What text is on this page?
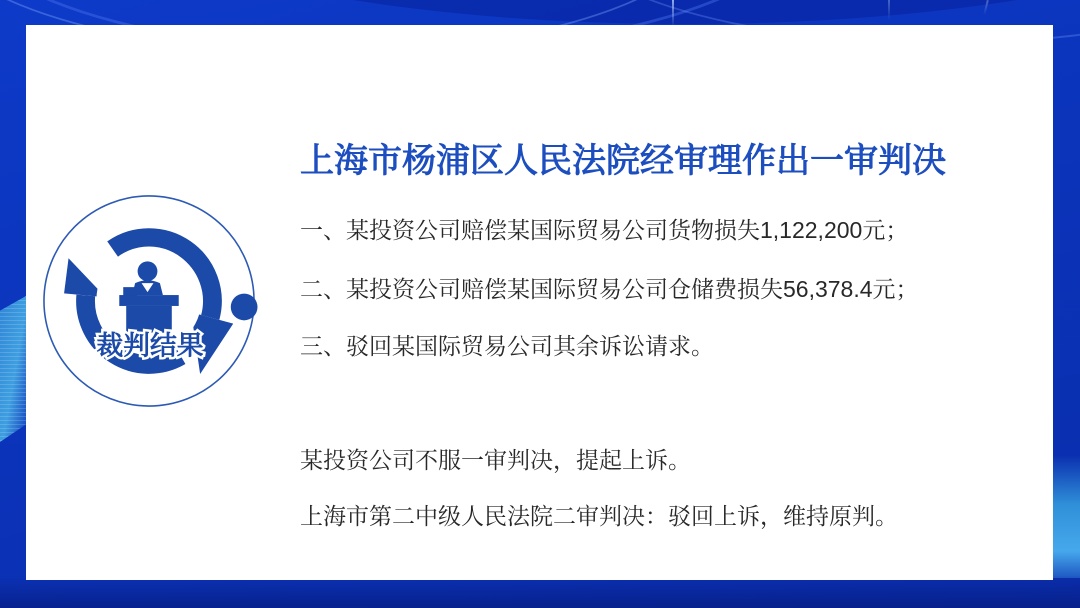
上海市杨浦区人民法院经审理作出一审判决
一、某投资公司赔偿某国际贸易公司货物损失1,122,200元；
二、某投资公司赔偿某国际贸易公司仓储费损失56,378.4元；
三、驳回某国际贸易公司其余诉讼请求。
某投资公司不服一审判决，提起上诉。
上海市第二中级人民法院二审判决：驳回上诉，维持原判。
裁判结果
